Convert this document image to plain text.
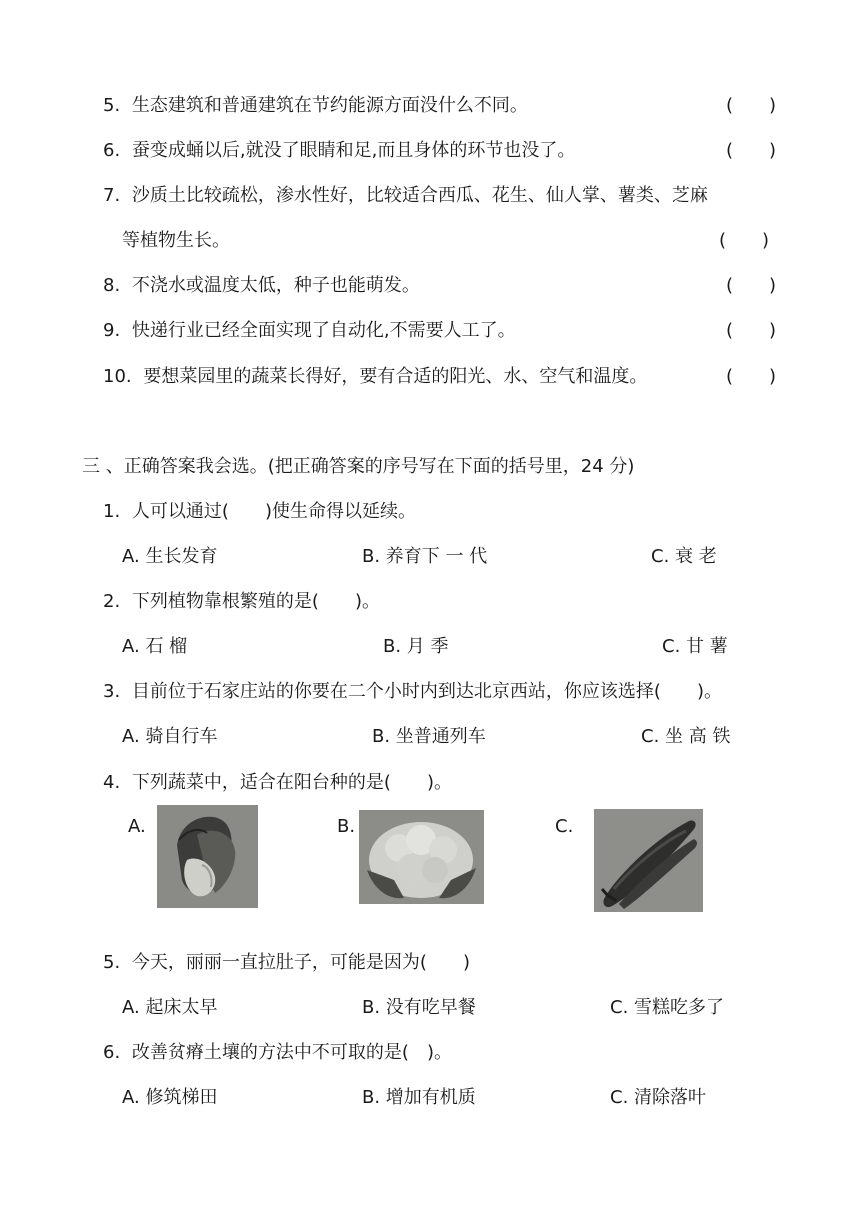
5. 生态建筑和普通建筑在节约能源方面没什么不同。	(　　)
6. 蚕变成蛹以后,就没了眼睛和足,而且身体的环节也没了。	(　　)
7. 沙质土比较疏松，渗水性好，比较适合西瓜、花生、仙人掌、薯类、芝麻
等植物生长。	(　　)
8. 不浇水或温度太低，种子也能萌发。	(　　)
9. 快递行业已经全面实现了自动化,不需要人工了。	(　　)
10. 要想菜园里的蔬菜长得好，要有合适的阳光、水、空气和温度。	(　　)
三 、正确答案我会选。(把正确答案的序号写在下面的括号里，24 分)
1. 人可以通过(　　)使生命得以延续。
A. 生长发育	B. 养育下 一 代	C. 衰 老
2. 下列植物靠根繁殖的是(　　)。
A. 石 榴	B. 月 季	C. 甘 薯
3. 目前位于石家庄站的你要在二个小时内到达北京西站，你应该选择(　　)。
A. 骑自行车	B. 坐普通列车	C. 坐 高 铁
4. 下列蔬菜中，适合在阳台种的是(　　)。
A.	B.	C.
5. 今天，丽丽一直拉肚子，可能是因为(　　)
A. 起床太早	B. 没有吃早餐	C. 雪糕吃多了
6. 改善贫瘠土壤的方法中不可取的是(　)。
A. 修筑梯田	B. 增加有机质	C. 清除落叶
